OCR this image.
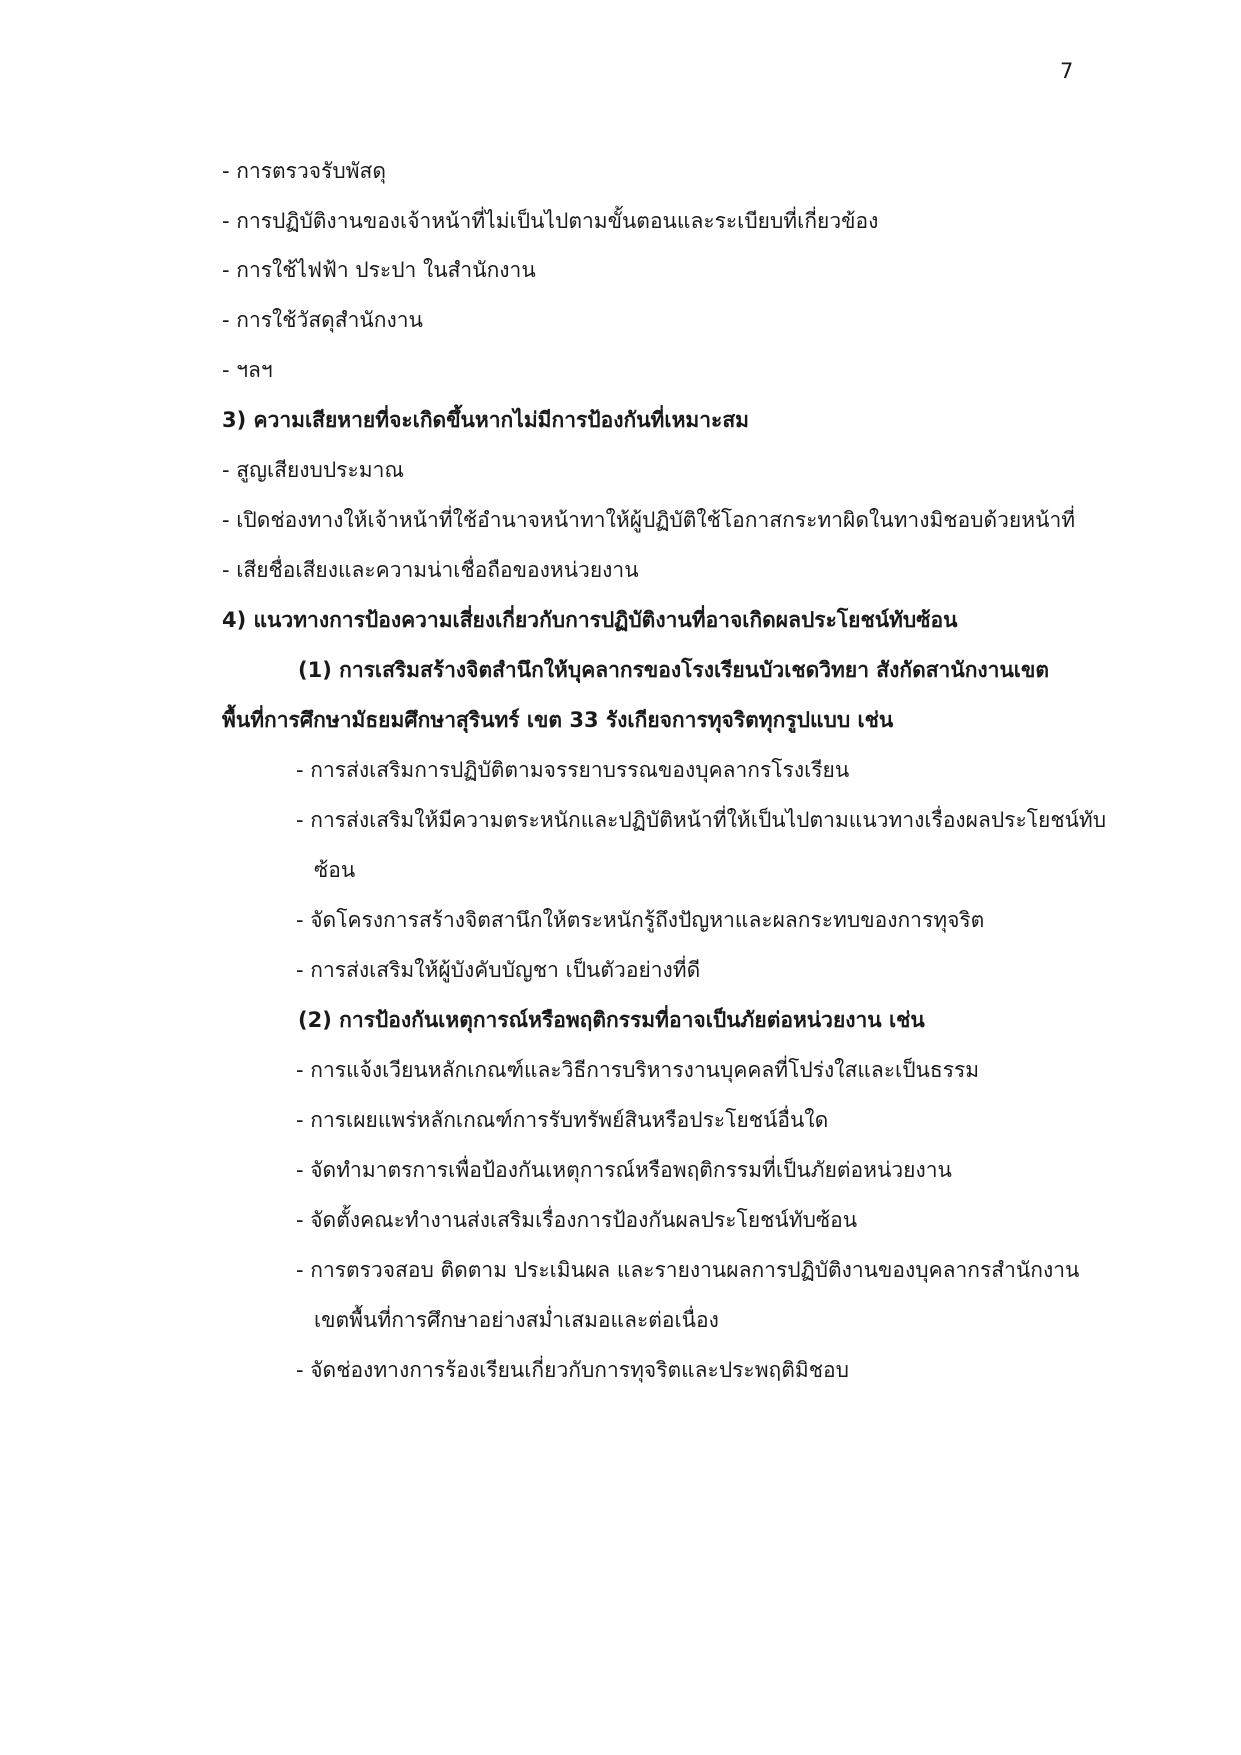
7
- การตรวจรับพัสดุ
- การปฏิบัติงานของเจ้าหน้าที่ไม่เป็นไปตามขั้นตอนและระเบียบที่เกี่ยวข้อง
- การใช้ไฟฟ้า ประปา ในสำนักงาน
- การใช้วัสดุสำนักงาน
- ฯลฯ
3) ความเสียหายที่จะเกิดขึ้นหากไม่มีการป้องกันที่เหมาะสม
- สูญเสียงบประมาณ
- เปิดช่องทางให้เจ้าหน้าที่ใช้อำนาจหน้าทาให้ผู้ปฏิบัติใช้โอกาสกระทาผิดในทางมิชอบด้วยหน้าที่
- เสียชื่อเสียงและความน่าเชื่อถือของหน่วยงาน
4) แนวทางการป้องความเสี่ยงเกี่ยวกับการปฏิบัติงานที่อาจเกิดผลประโยชน์ทับซ้อน
(1) การเสริมสร้างจิตสำนึกให้บุคลากรของโรงเรียนบัวเชดวิทยา สังกัดสานักงานเขต
พื้นที่การศึกษามัธยมศึกษาสุรินทร์ เขต 33 รังเกียจการทุจริตทุกรูปแบบ เช่น
- การส่งเสริมการปฏิบัติตามจรรยาบรรณของบุคลากรโรงเรียน
- การส่งเสริมให้มีความตระหนักและปฏิบัติหน้าที่ให้เป็นไปตามแนวทางเรื่องผลประโยชน์ทับ
ซ้อน
- จัดโครงการสร้างจิตสานึกให้ตระหนักรู้ถึงปัญหาและผลกระทบของการทุจริต
- การส่งเสริมให้ผู้บังคับบัญชา เป็นตัวอย่างที่ดี
(2) การป้องกันเหตุการณ์หรือพฤติกรรมที่อาจเป็นภัยต่อหน่วยงาน เช่น
- การแจ้งเวียนหลักเกณฑ์และวิธีการบริหารงานบุคคลที่โปร่งใสและเป็นธรรม
- การเผยแพร่หลักเกณฑ์การรับทรัพย์สินหรือประโยชน์อื่นใด
- จัดทำมาตรการเพื่อป้องกันเหตุการณ์หรือพฤติกรรมที่เป็นภัยต่อหน่วยงาน
- จัดตั้งคณะทำงานส่งเสริมเรื่องการป้องกันผลประโยชน์ทับซ้อน
- การตรวจสอบ ติดตาม ประเมินผล และรายงานผลการปฏิบัติงานของบุคลากรสำนักงาน
เขตพื้นที่การศึกษาอย่างสม่ำเสมอและต่อเนื่อง
- จัดช่องทางการร้องเรียนเกี่ยวกับการทุจริตและประพฤติมิชอบ
